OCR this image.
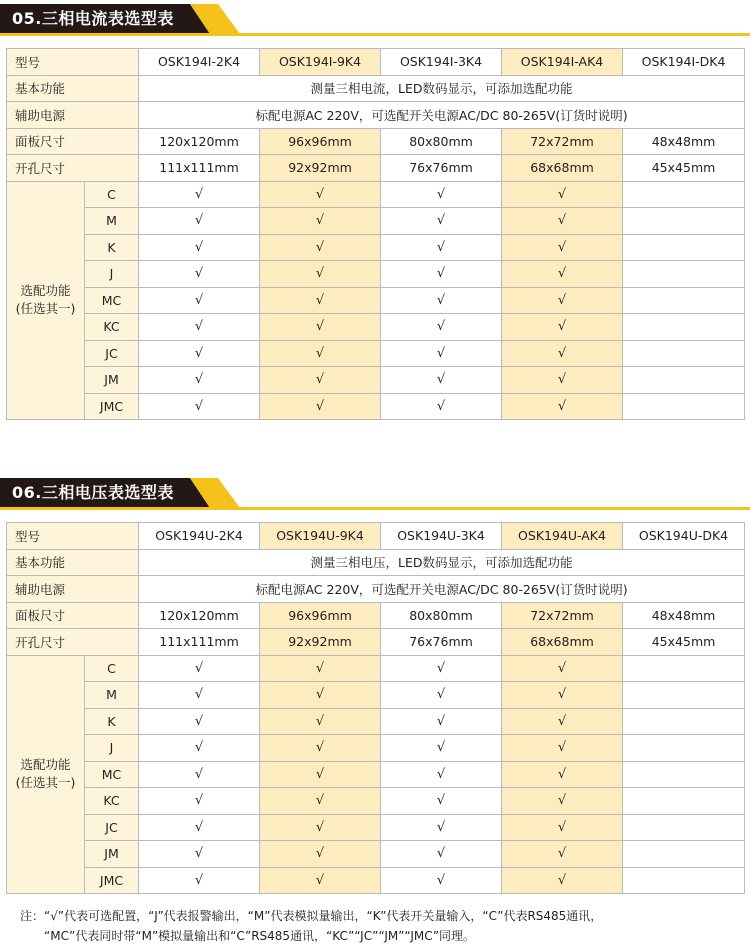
05.三相电流表选型表
型号		OSK194I-2K4	OSK194I-9K4	OSK194I-3K4	OSK194I-AK4	OSK194I-DK4
基本功能		测量三相电流，LED数码显示，可添加选配功能				
辅助电源		标配电源AC 220V，可选配开关电源AC/DC 80-265V(订货时说明)				
面板尺寸		120x120mm	96x96mm	80x80mm	72x72mm	48x48mm
开孔尺寸		111x111mm	92x92mm	76x76mm	68x68mm	45x45mm

选配功能
(任选其一)	C	√	√	√	√	
	M	√	√	√	√	
	K	√	√	√	√	
	J	√	√	√	√	
	MC	√	√	√	√	
	KC	√	√	√	√	
	JC	√	√	√	√	
	JM	√	√	√	√	
	JMC	√	√	√	√	
06.三相电压表选型表
型号		OSK194U-2K4	OSK194U-9K4	OSK194U-3K4	OSK194U-AK4	OSK194U-DK4
基本功能		测量三相电压，LED数码显示，可添加选配功能				
辅助电源		标配电源AC 220V，可选配开关电源AC/DC 80-265V(订货时说明)				
面板尺寸		120x120mm	96x96mm	80x80mm	72x72mm	48x48mm
开孔尺寸		111x111mm	92x92mm	76x76mm	68x68mm	45x45mm

选配功能
(任选其一)	C	√	√	√	√	
	M	√	√	√	√	
	K	√	√	√	√	
	J	√	√	√	√	
	MC	√	√	√	√	
	KC	√	√	√	√	
	JC	√	√	√	√	
	JM	√	√	√	√	
	JMC	√	√	√	√	
注：“√”代表可选配置，“J”代表报警输出，“M”代表模拟量输出，“K”代表开关量输入，“C”代表RS485通讯，
“MC”代表同时带“M”模拟量输出和“C”RS485通讯，“KC”“JC”“JM”“JMC”同理。
